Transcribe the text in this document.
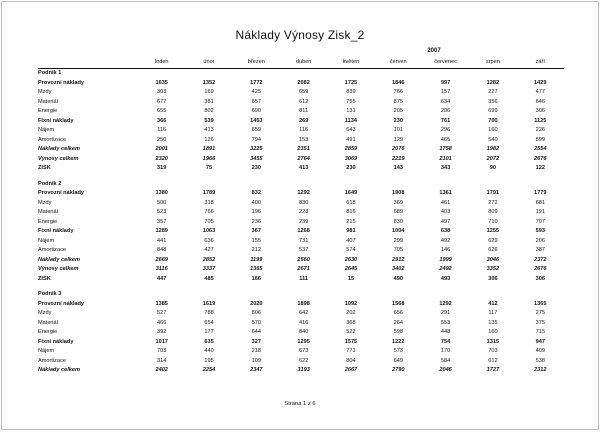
Náklady Výnosy Zisk_2
2007
	leden	únor	březen	duben	květen	červen	červenec	srpen	září
Podnik 1									
Provozní náklady	1635	1352	1772	2082	1725	1846	997	1282	1429
Mzdy	303	169	425	659	839	766	157	227	477
Materiál	677	381	657	612	755	875	634	356	646
Energie	655	802	690	811	131	205	206	699	306
Fixní náklady	366	539	1453	269	1134	230	761	700	1125
Nájem	116	413	659	116	643	101	296	160	226
Amortizace	250	126	794	153	491	129	465	540	899
Náklady celkem	2001	1891	3225	2351	2859	2076	1758	1982	2554
Výnosy celkem	2320	1966	3455	2764	3069	2219	2101	2072	2676
ZISK	319	75	230	413	230	143	343	90	122

Podnik 2									
Provozní náklady	1380	1789	832	1292	1649	1908	1361	1791	1779
Mzdy	500	318	400	830	618	369	461	272	681
Materiál	523	766	196	223	816	689	403	809	191
Energie	357	705	236	239	215	830	497	710	707
Fixní náklady	1289	1063	367	1268	981	1004	638	1255	593
Nájem	441	636	155	731	407	299	492	629	206
Amortizace	848	427	212	537	574	705	146	626	387
Náklady celkem	2669	2852	1199	2560	2630	2912	1999	3046	2372
Výnosy celkem	3116	3337	1365	2671	2645	3402	2492	3352	2676
ZISK	447	485	166	111	15	490	493	306	306

Podnik 3									
Provozní náklady	1385	1619	2020	1898	1092	1568	1292	412	1365
Mzdy	527	788	806	642	202	656	291	117	275
Materiál	466	654	570	416	368	264	553	135	375
Energie	392	177	644	840	522	598	448	160	715
Fixní náklady	1017	635	327	1295	1575	1222	754	1315	947
Nájem	703	440	218	673	771	573	170	703	409
Amortizace	314	195	109	622	804	649	584	612	538
Náklady celkem	2402	2254	2347	3193	2667	2790	2046	1727	2312
Strana 1 z 6
